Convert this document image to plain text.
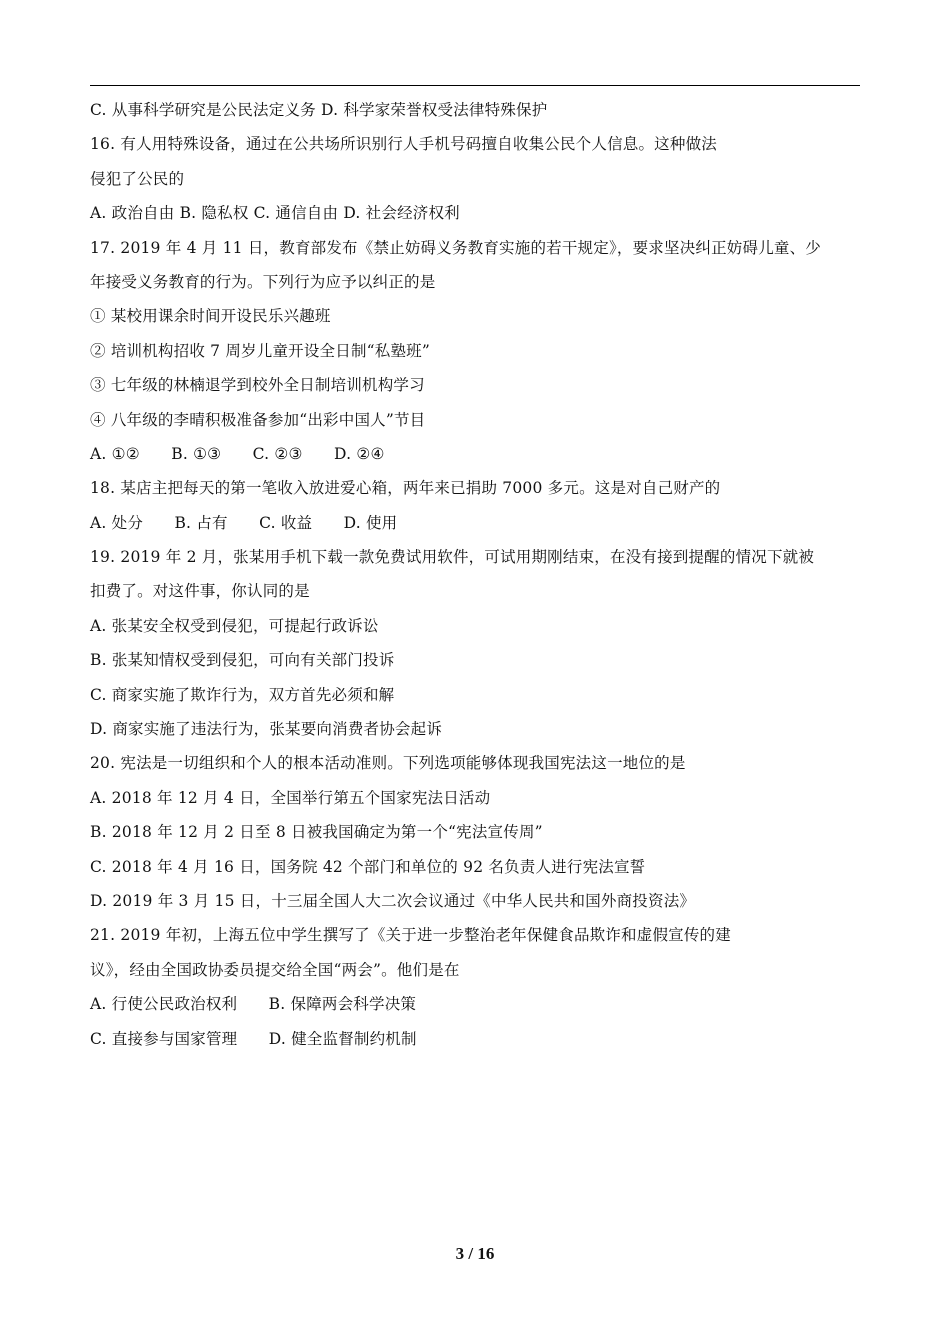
C. 从事科学研究是公民法定义务 D. 科学家荣誉权受法律特殊保护
16. 有人用特殊设备，通过在公共场所识别行人手机号码擅自收集公民个人信息。这种做法
侵犯了公民的
A. 政治自由 B. 隐私权 C. 通信自由 D. 社会经济权利
17. 2019 年 4 月 11 日，教育部发布《禁止妨碍义务教育实施的若干规定》，要求坚决纠正妨碍儿童、少
年接受义务教育的行为。下列行为应予以纠正的是
① 某校用课余时间开设民乐兴趣班
② 培训机构招收 7 周岁儿童开设全日制“私塾班”
③ 七年级的林楠退学到校外全日制培训机构学习
④ 八年级的李晴积极准备参加“出彩中国人”节目
A. ①②　　B. ①③　　C. ②③　　D. ②④
18. 某店主把每天的第一笔收入放进爱心箱，两年来已捐助 7000 多元。这是对自己财产的
A. 处分　　B. 占有　　C. 收益　　D. 使用
19. 2019 年 2 月，张某用手机下载一款免费试用软件，可试用期刚结束，在没有接到提醒的情况下就被
扣费了。对这件事，你认同的是
A. 张某安全权受到侵犯，可提起行政诉讼
B. 张某知情权受到侵犯，可向有关部门投诉
C. 商家实施了欺诈行为，双方首先必须和解
D. 商家实施了违法行为，张某要向消费者协会起诉
20. 宪法是一切组织和个人的根本活动准则。下列选项能够体现我国宪法这一地位的是
A. 2018 年 12 月 4 日，全国举行第五个国家宪法日活动
B. 2018 年 12 月 2 日至 8 日被我国确定为第一个“宪法宣传周”
C. 2018 年 4 月 16 日，国务院 42 个部门和单位的 92 名负责人进行宪法宣誓
D. 2019 年 3 月 15 日，十三届全国人大二次会议通过《中华人民共和国外商投资法》
21. 2019 年初，上海五位中学生撰写了《关于进一步整治老年保健食品欺诈和虚假宣传的建
议》，经由全国政协委员提交给全国“两会”。他们是在
A. 行使公民政治权利　　B. 保障两会科学决策
C. 直接参与国家管理　　D. 健全监督制约机制
3 / 16
